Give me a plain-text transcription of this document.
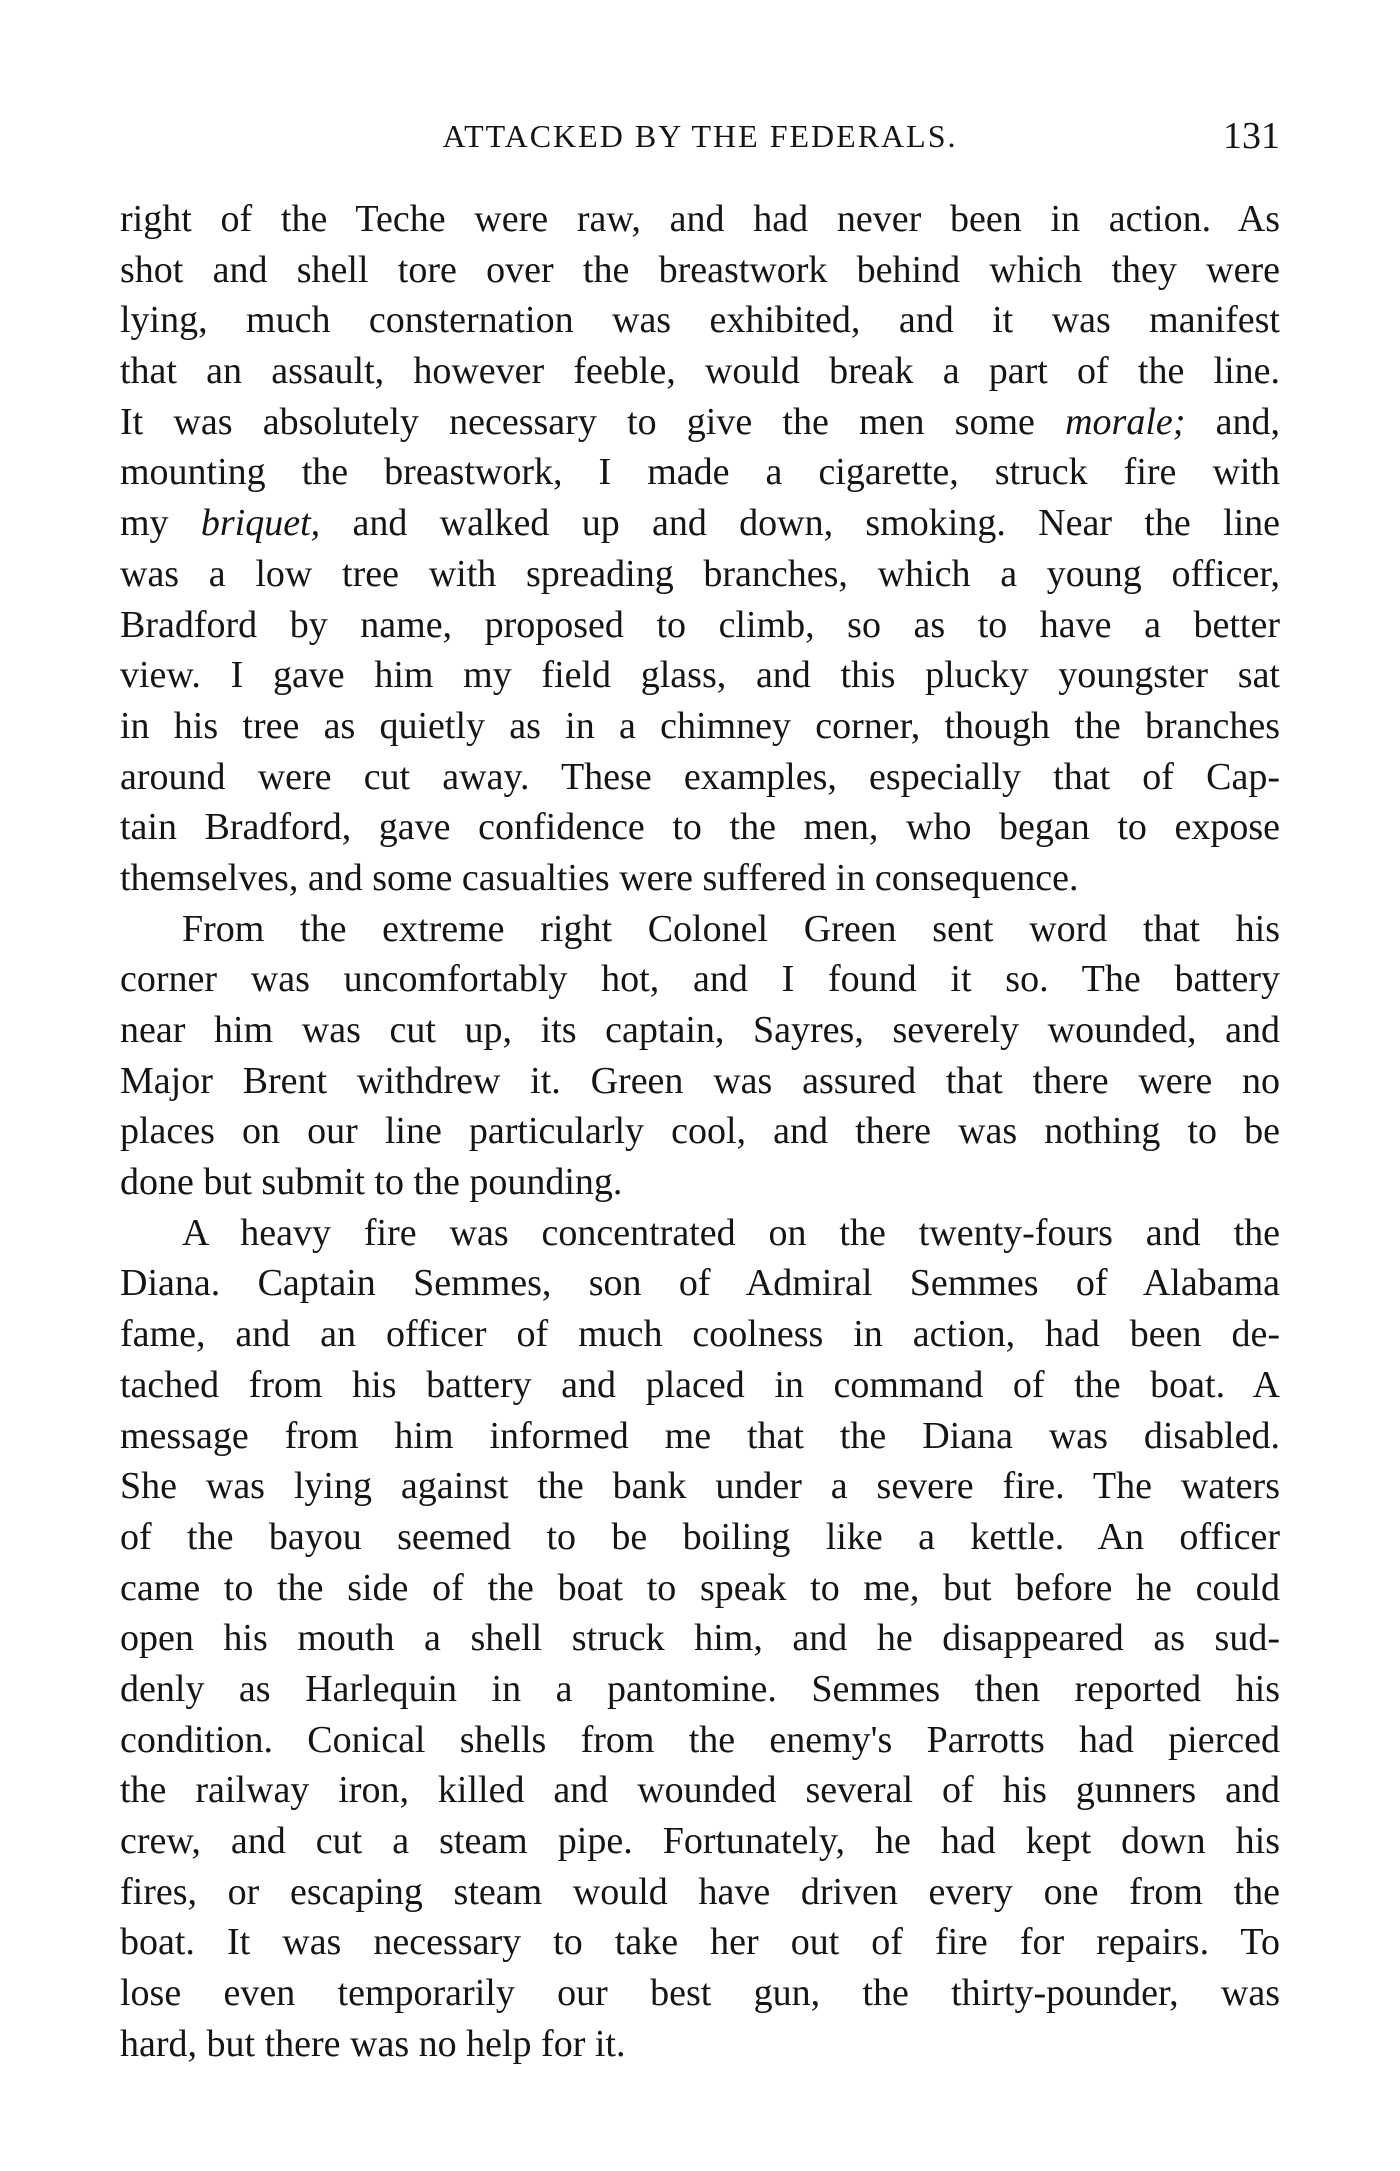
ATTACKED BY THE FEDERALS.	131
right of the Teche were raw, and had never been in action. As
shot and shell tore over the breastwork behind which they were
lying, much consternation was exhibited, and it was manifest
that an assault, however feeble, would break a part of the line.
It was absolutely necessary to give the men some morale; and,
mounting the breastwork, I made a cigarette, struck fire with
my briquet, and walked up and down, smoking. Near the line
was a low tree with spreading branches, which a young officer,
Bradford by name, proposed to climb, so as to have a better
view. I gave him my field glass, and this plucky youngster sat
in his tree as quietly as in a chimney corner, though the branches
around were cut away. These examples, especially that of Cap-
tain Bradford, gave confidence to the men, who began to expose
themselves, and some casualties were suffered in consequence.
From the extreme right Colonel Green sent word that his
corner was uncomfortably hot, and I found it so. The battery
near him was cut up, its captain, Sayres, severely wounded, and
Major Brent withdrew it. Green was assured that there were no
places on our line particularly cool, and there was nothing to be
done but submit to the pounding.
A heavy fire was concentrated on the twenty-fours and the
Diana. Captain Semmes, son of Admiral Semmes of Alabama
fame, and an officer of much coolness in action, had been de-
tached from his battery and placed in command of the boat. A
message from him informed me that the Diana was disabled.
She was lying against the bank under a severe fire. The waters
of the bayou seemed to be boiling like a kettle. An officer
came to the side of the boat to speak to me, but before he could
open his mouth a shell struck him, and he disappeared as sud-
denly as Harlequin in a pantomine. Semmes then reported his
condition. Conical shells from the enemy's Parrotts had pierced
the railway iron, killed and wounded several of his gunners and
crew, and cut a steam pipe. Fortunately, he had kept down his
fires, or escaping steam would have driven every one from the
boat. It was necessary to take her out of fire for repairs. To
lose even temporarily our best gun, the thirty-pounder, was
hard, but there was no help for it.
